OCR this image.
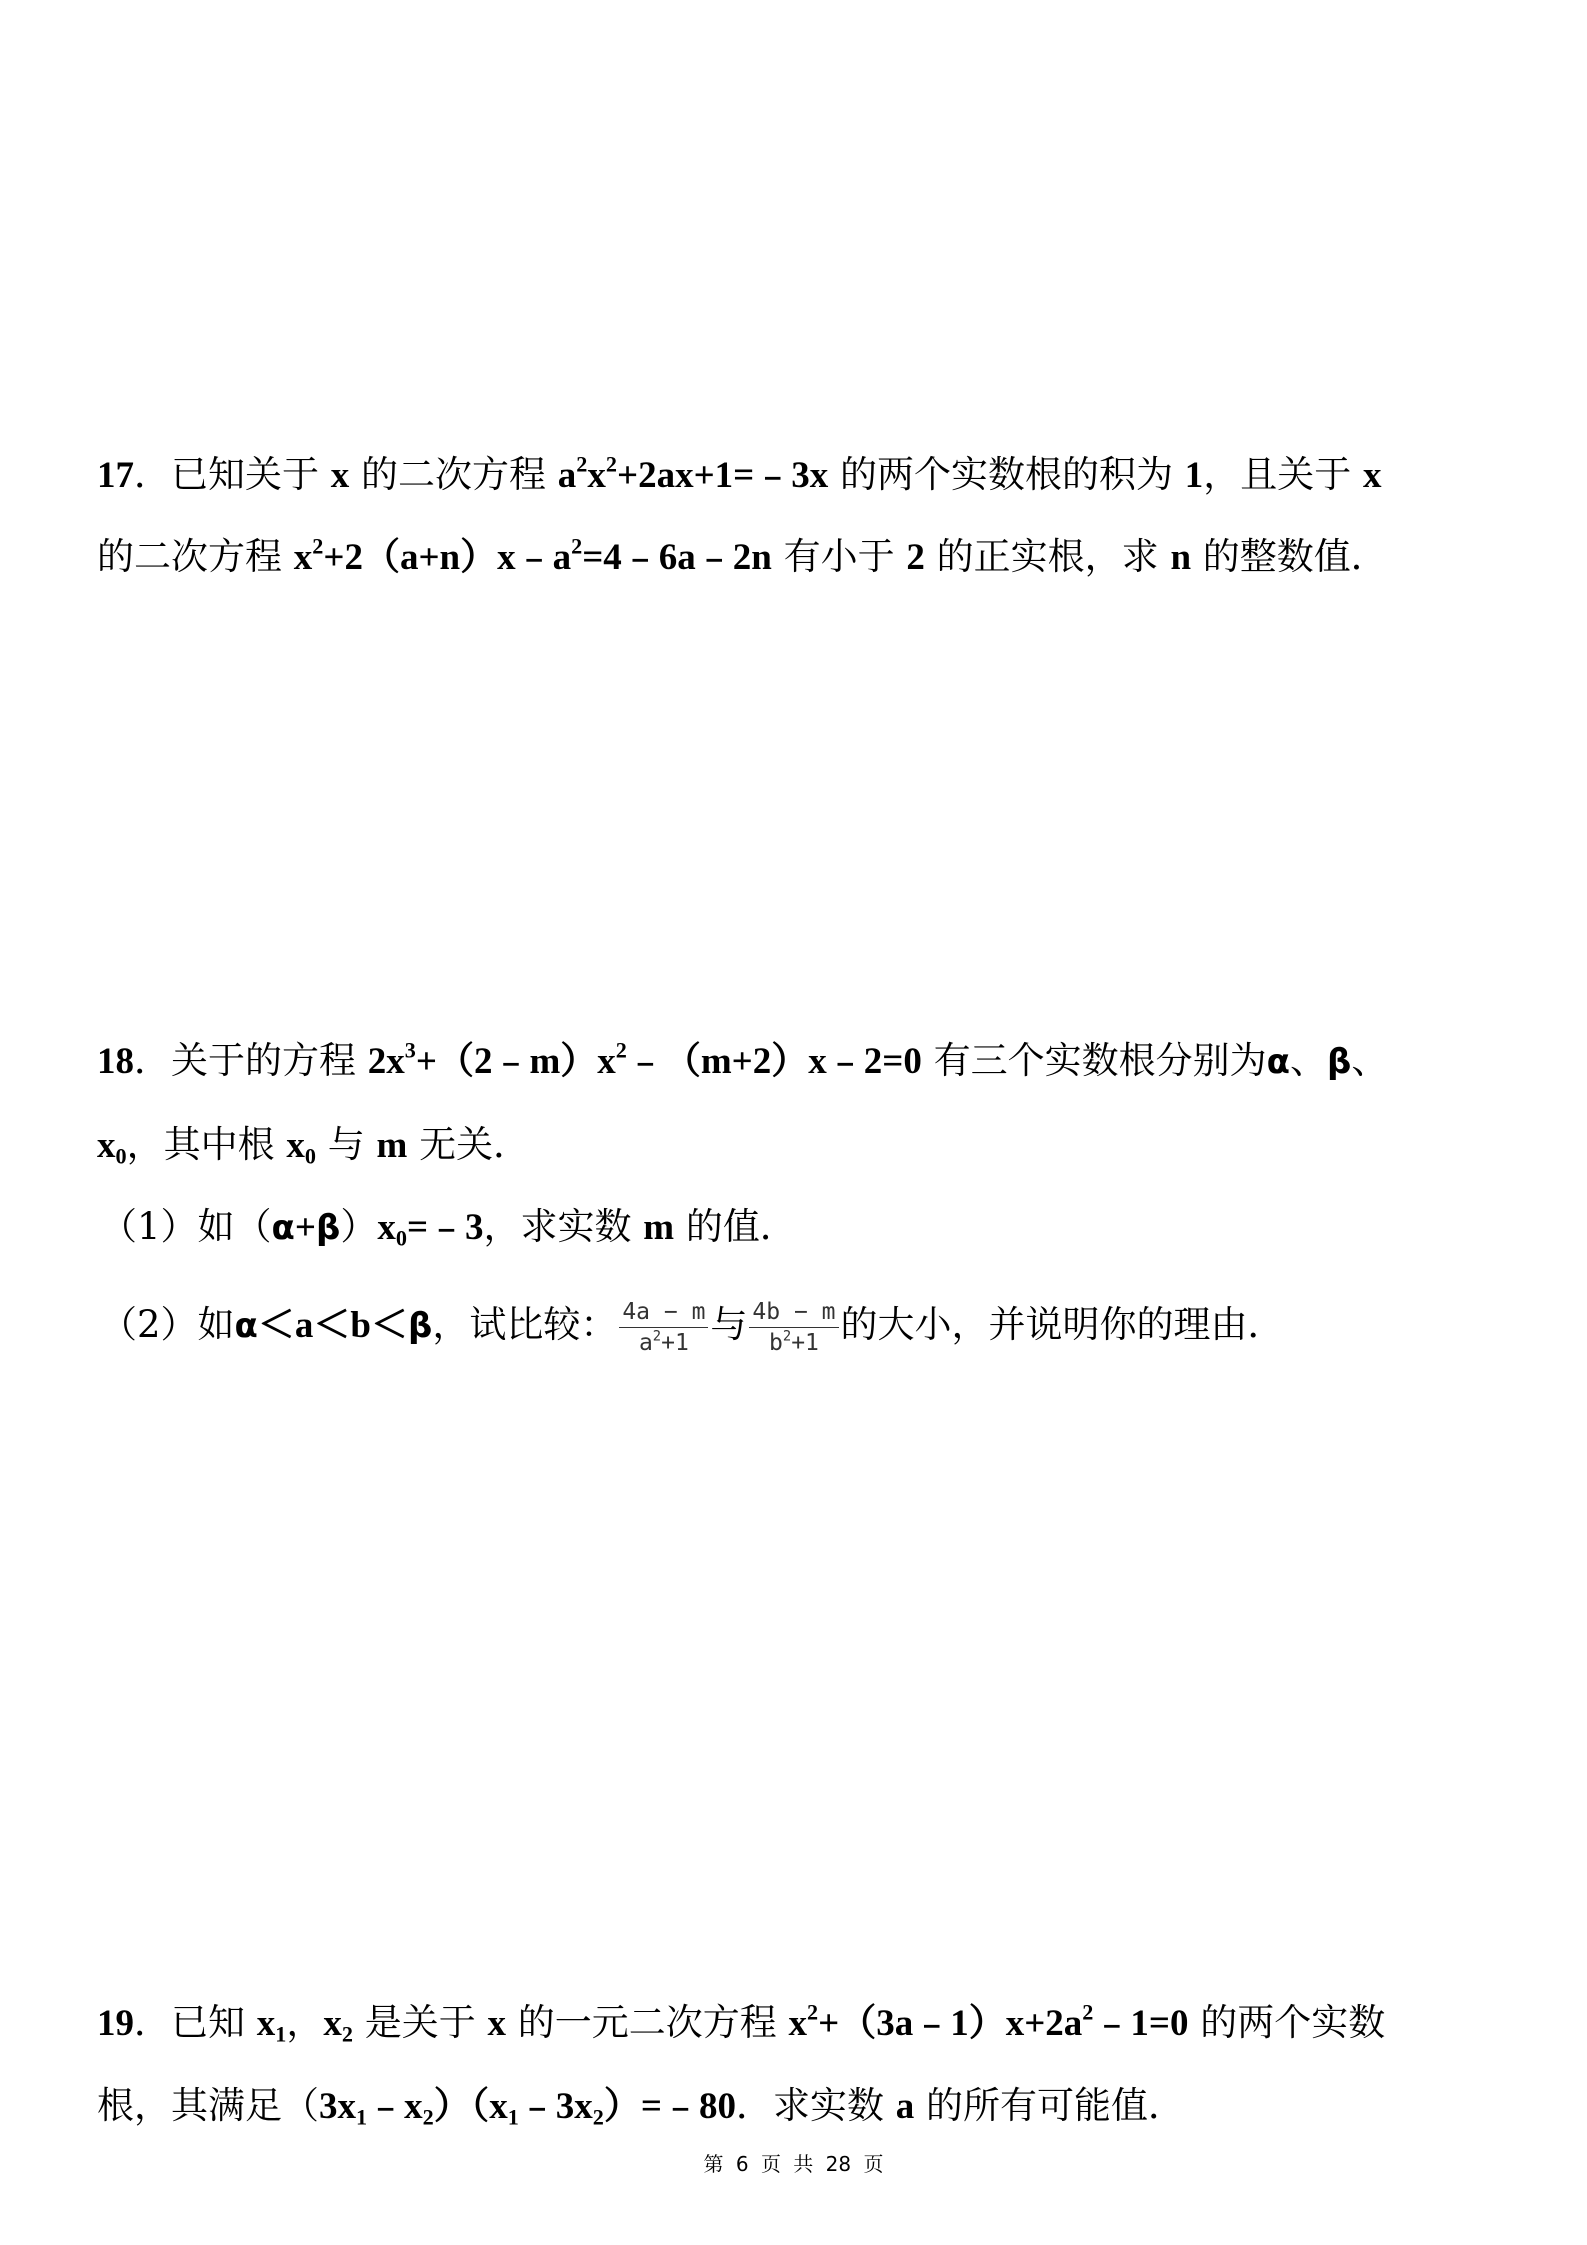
17．已知关于 x 的二次方程 $a^2x^2+2ax+1=﹣3x$ 的两个实数根的积为 1，且关于 x
的二次方程 $x^2+2(a+n)x﹣a^2=4﹣6a﹣2n$ 有小于 2 的正实根，求 n 的整数值．
18．关于的方程 $2x^3+(2﹣m)x^2﹣(m+2)x﹣2=0$ 有三个实数根分别为α、β、
$x_0$，其中根 $x_0$ 与 m 无关．
（1）如$(\alpha+\beta)x_0=﹣3$，求实数 m 的值．
（2）如α＜a＜b＜β，试比较： $\frac{4a - m}{a^2+1}$ 与 $\frac{4b - m}{b^2+1}$ 的大小，并说明你的理由．
19．已知 $x_1$，$x_2$ 是关于 x 的一元二次方程 $x^2+(3a﹣1)x+2a^2﹣1=0$ 的两个实数
根，其满足$(3x_1﹣x_2)(x_1﹣3x_2)=﹣80$．求实数 a 的所有可能值．
第 6 页 共 28 页
